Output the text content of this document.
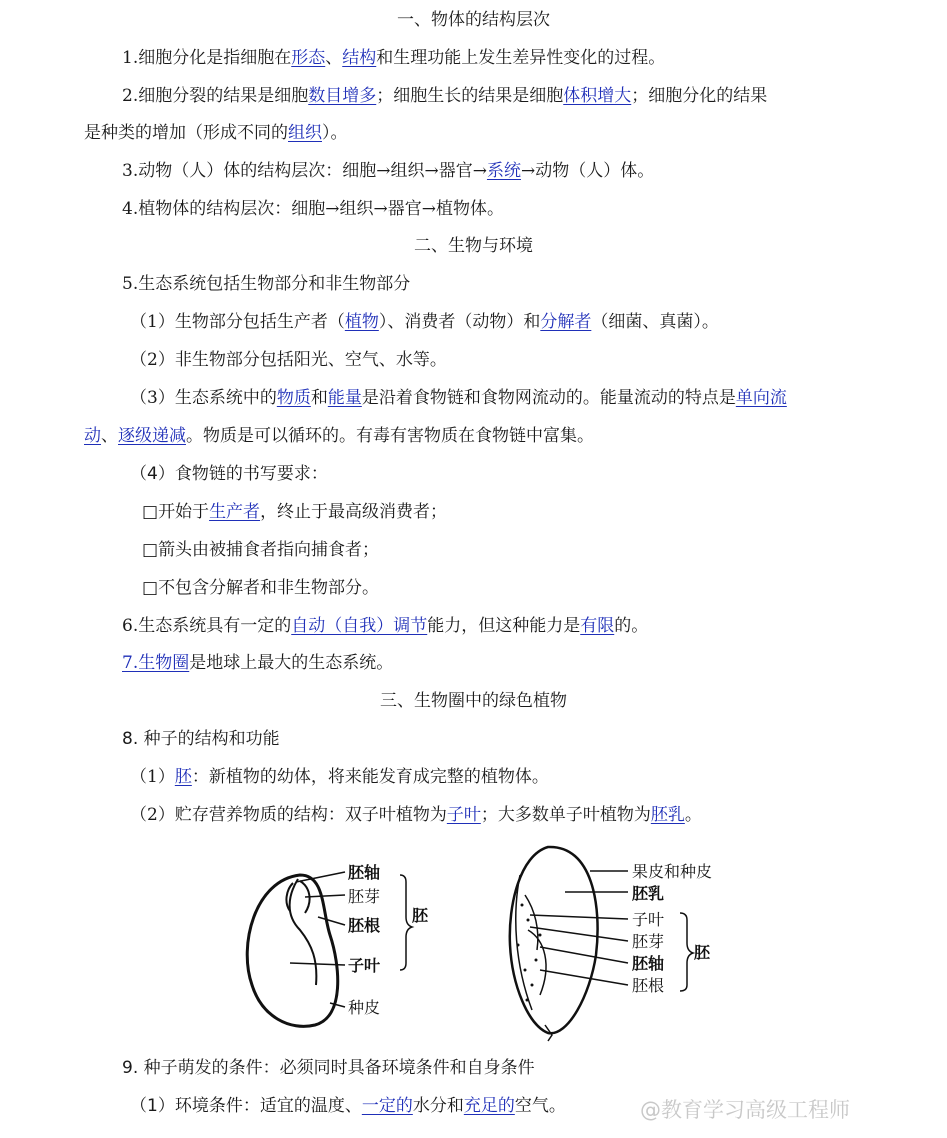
一、物体的结构层次
1.细胞分化是指细胞在形态、结构和生理功能上发生差异性变化的过程。
2.细胞分裂的结果是细胞数目增多；细胞生长的结果是细胞体积增大；细胞分化的结果
是种类的增加（形成不同的组织）。
3.动物（人）体的结构层次：细胞→组织→器官→系统→动物（人）体。
4.植物体的结构层次：细胞→组织→器官→植物体。
二、生物与环境
5.生态系统包括生物部分和非生物部分
（1）生物部分包括生产者（植物）、消费者（动物）和分解者（细菌、真菌）。
（2）非生物部分包括阳光、空气、水等。
（3）生态系统中的物质和能量是沿着食物链和食物网流动的。能量流动的特点是单向流
动、逐级递减。物质是可以循环的。有毒有害物质在食物链中富集。
（4）食物链的书写要求：
□开始于生产者，终止于最高级消费者；
□箭头由被捕食者指向捕食者；
□不包含分解者和非生物部分。
6.生态系统具有一定的自动（自我）调节能力，但这种能力是有限的。
7.生物圈是地球上最大的生态系统。
三、生物圈中的绿色植物
8. 种子的结构和功能
（1）胚：新植物的幼体，将来能发育成完整的植物体。
（2）贮存营养物质的结构：双子叶植物为子叶；大多数单子叶植物为胚乳。
胚轴
胚芽
胚根
子叶
胚
种皮
果皮和种皮
胚乳
子叶
胚芽
胚轴
胚根
胚
9. 种子萌发的条件：必须同时具备环境条件和自身条件
（1）环境条件：适宜的温度、一定的水分和充足的空气。	@教育学习高级工程师
